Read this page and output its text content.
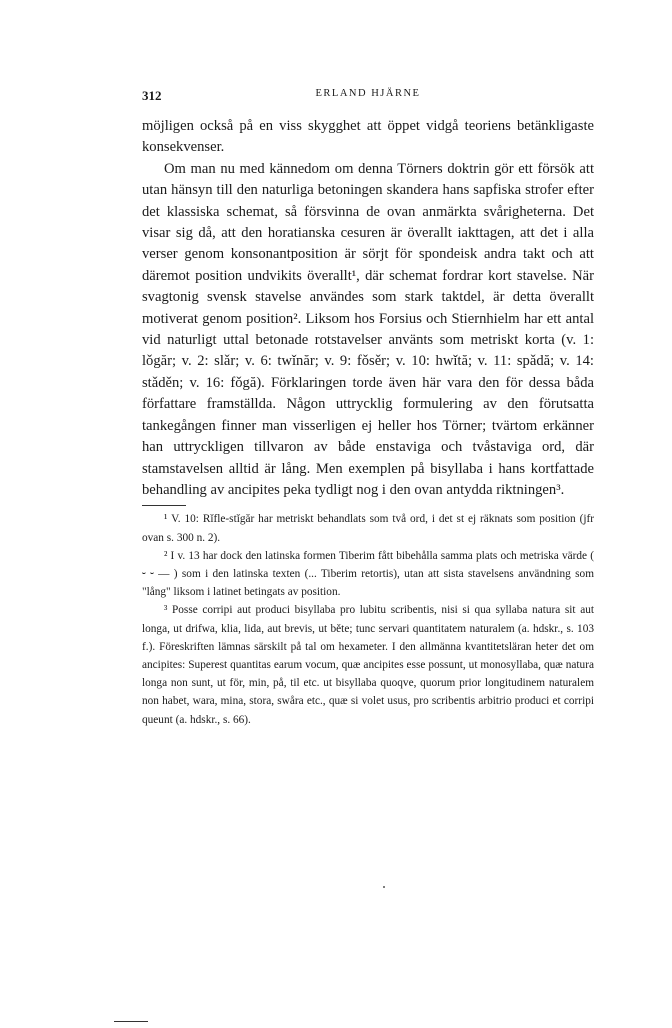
312	ERLAND HJÄRNE

möjligen också på en viss skygghet att öppet vidgå teoriens betänkligaste konsekvenser.

Om man nu med kännedom om denna Törners doktrin gör ett försök att utan hänsyn till den naturliga betoningen skandera hans sapfiska strofer efter det klassiska schemat, så försvinna de ovan anmärkta svårigheterna. Det visar sig då, att den horatianska cesuren är överallt iakttagen, att det i alla verser genom konsonantposition är sörjt för spondeisk andra takt och att däremot position undvikits överallt¹, där schemat fordrar kort stavelse. När svagtonig svensk stavelse användes som stark taktdel, är detta överallt motiverat genom position². Liksom hos Forsius och Stiernhielm har ett antal vid naturligt uttal betonade rotstavelser använts som metriskt korta (v. 1: lǒgăr; v. 2: slǎr; v. 6: twǐnăr; v. 9: fǒsěr; v. 10: hwǐtă; v. 11: spǎdă; v. 14: stǎděn; v. 16: fǒgă). Förklaringen torde även här vara den för dessa båda författare framställda. Någon uttrycklig formulering av den förutsatta tankegången finner man visserligen ej heller hos Törner; tvärtom erkänner han uttryckligen tillvaron av både enstaviga och tvåstaviga ord, där stamstavelsen alltid är lång. Men exemplen på bisyllaba i hans kortfattade behandling av ancipites peka tydligt nog i den ovan antydda riktningen³.

¹ V. 10: Rǐfle-stǐgăr har metriskt behandlats som två ord, i det st ej räknats som position (jfr ovan s. 300 n. 2).

² I v. 13 har dock den latinska formen Tiberim fått bibehålla samma plats och metriska värde ( ⏑ ⏑ — ) som i den latinska texten (... Tiberim retortis), utan att sista stavelsens användning som "lång" liksom i latinet betingats av position.

³ Posse corripi aut produci bisyllaba pro lubitu scribentis, nisi si qua syllaba natura sit aut longa, ut drifwa, klia, lida, aut brevis, ut běte; tunc servari quantitatem naturalem (a. hdskr., s. 103 f.). Föreskriften lämnas särskilt på tal om hexameter. I den allmänna kvantitetsläran heter det om ancipites: Superest quantitas earum vocum, quæ ancipites esse possunt, ut monosyllaba, quæ natura longa non sunt, ut för, min, på, til etc. ut bisyllaba quoqve, quorum prior longitudinem naturalem non habet, wara, mina, stora, swåra etc., quæ si volet usus, pro scribentis arbitrio produci et corripi queunt (a. hdskr., s. 66).
